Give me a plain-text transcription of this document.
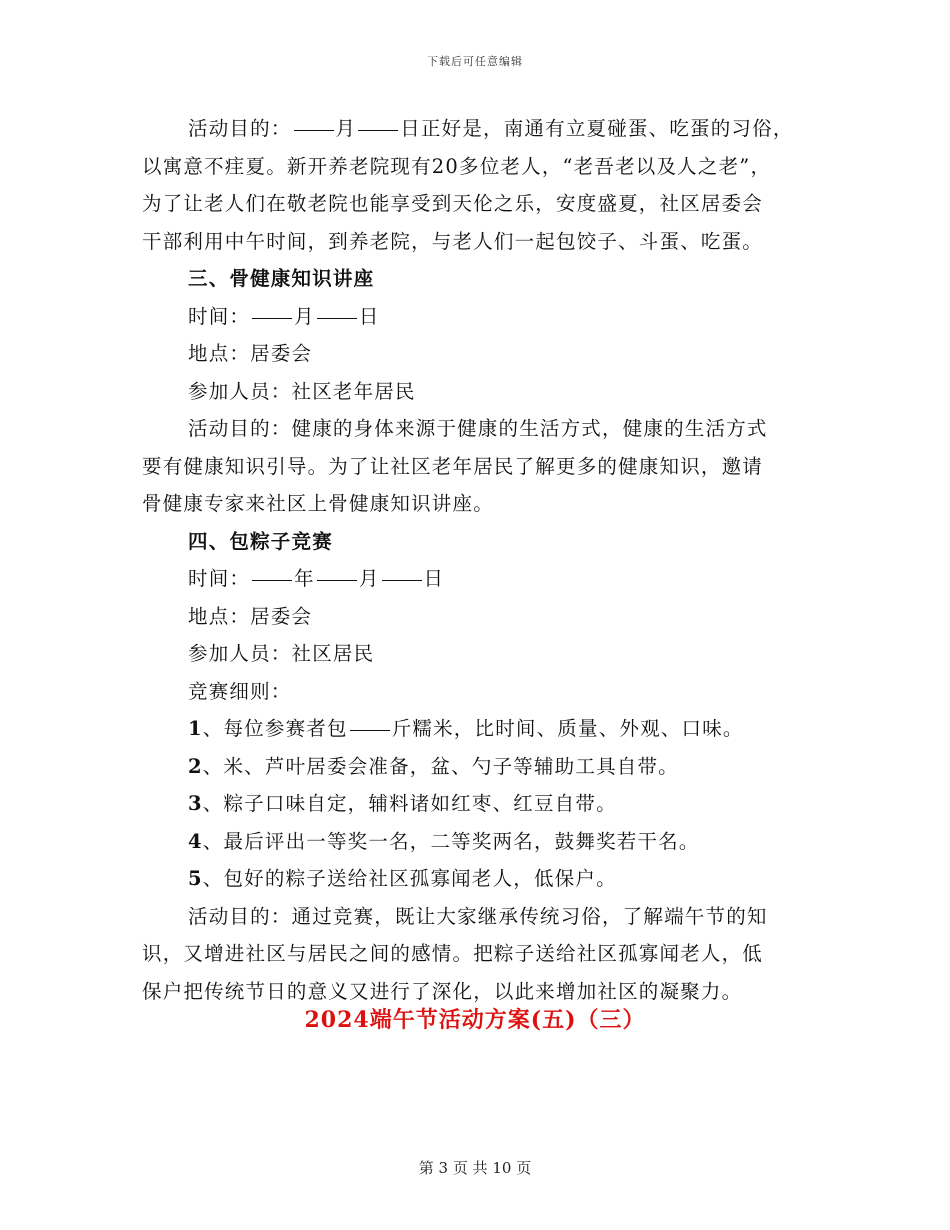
下载后可任意编辑
活动目的： 月 日正好是，南通有立夏碰蛋、吃蛋的习俗，
以寓意不疰夏。新开养老院现有20多位老人，“老吾老以及人之老”，
为了让老人们在敬老院也能享受到天伦之乐，安度盛夏，社区居委会
干部利用中午时间，到养老院，与老人们一起包饺子、斗蛋、吃蛋。
三、骨健康知识讲座
时间： 月 日
地点：居委会
参加人员：社区老年居民
活动目的：健康的身体来源于健康的生活方式，健康的生活方式
要有健康知识引导。为了让社区老年居民了解更多的健康知识，邀请
骨健康专家来社区上骨健康知识讲座。
四、包粽子竞赛
时间： 年 月 日
地点：居委会
参加人员：社区居民
竞赛细则：
1、每位参赛者包 斤糯米，比时间、质量、外观、口味。
2、米、芦叶居委会准备，盆、勺子等辅助工具自带。
3、粽子口味自定，辅料诸如红枣、红豆自带。
4、最后评出一等奖一名，二等奖两名，鼓舞奖若干名。
5、包好的粽子送给社区孤寡闻老人，低保户。
活动目的：通过竞赛，既让大家继承传统习俗，了解端午节的知
识，又增进社区与居民之间的感情。把粽子送给社区孤寡闻老人，低
保户把传统节日的意义又进行了深化，以此来增加社区的凝聚力。
2024端午节活动方案(五)（三）
第 3 页 共 10 页
